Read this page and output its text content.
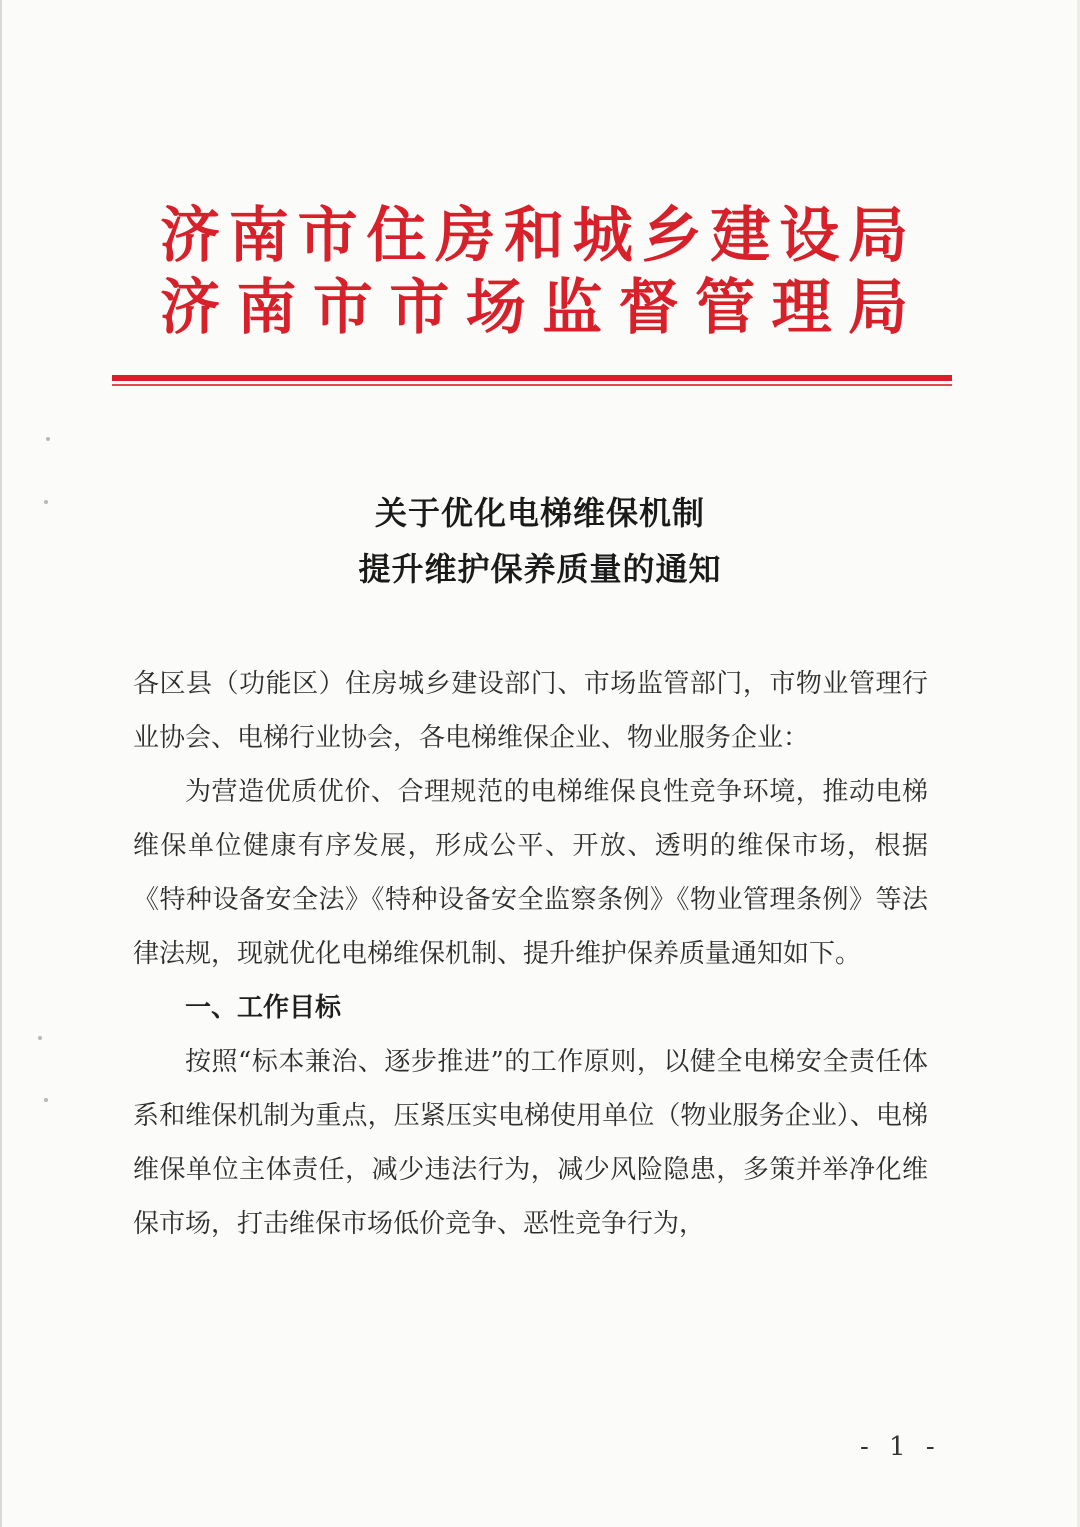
济南市住房和城乡建设局
济南市市场监督管理局
关于优化电梯维保机制
提升维护保养质量的通知

各区县（功能区）住房城乡建设部门、市场监管部门，市物业管理行业协会、电梯行业协会，各电梯维保企业、物业服务企业：

为营造优质优价、合理规范的电梯维保良性竞争环境，推动电梯维保单位健康有序发展，形成公平、开放、透明的维保市场，根据《特种设备安全法》《特种设备安全监察条例》《物业管理条例》等法律法规，现就优化电梯维保机制、提升维护保养质量通知如下。

一、工作目标

按照“标本兼治、逐步推进”的工作原则，以健全电梯安全责任体系和维保机制为重点，压紧压实电梯使用单位（物业服务企业）、电梯维保单位主体责任，减少违法行为，减少风险隐患，多策并举净化维保市场，打击维保市场低价竞争、恶性竞争行为，

- 1 -
